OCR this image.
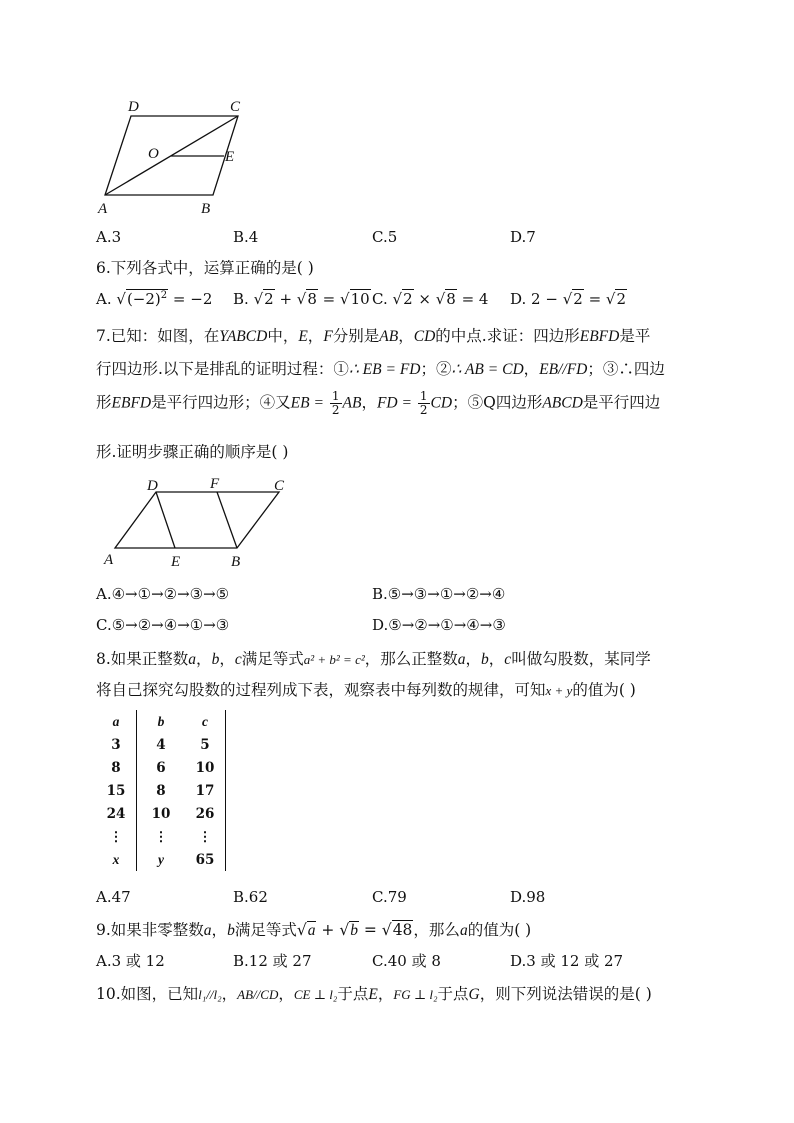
D	C
O	E
A	B
A.3	B.4	C.5	D.7
6.下列各式中，运算正确的是( )
A. $√(-2)^2 = -2$ B. √2 + √8 = √10 C. √2 × √8 = 4 D. 2 − √2 = √2
7.已知：如图，在YABCD中，E，F分别是AB，CD的中点.求证：四边形EBFD是平
行四边形.以下是排乱的证明过程：①∴ EB = FD；②∴ AB = CD，EB//FD；③∴四边
形EBFD是平行四边形；④又EB = $\frac{1}{2}$ AB，FD = $\frac{1}{2}$ CD；⑤Q四边形ABCD是平行四边
形.证明步骤正确的顺序是( )
D	F	C
A	E	B
A.④→①→②→③→⑤	B.⑤→③→①→②→④
C.⑤→②→④→①→③	D.⑤→②→①→④→③
8.如果正整数a，b，c满足等式a² + b² = c²，那么正整数a，b，c叫做勾股数，某同学
将自己探究勾股数的过程列成下表，观察表中每列数的规律，可知x + y的值为( )
a	b	c
3	4	5
8	6	10
15	8	17
24	10	26
⋮	⋮	⋮
x	y	65
A.47	B.62	C.79	D.98
9.如果非零整数a，b满足等式√a + √b = √48，那么a的值为( )
A.3 或 12	B.12 或 27	C.40 或 8	D.3 或 12 或 27
10.如图，已知l₁//l₂，AB//CD，CE ⊥ l₂于点E，FG ⊥ l₂于点G，则下列说法错误的是( )
